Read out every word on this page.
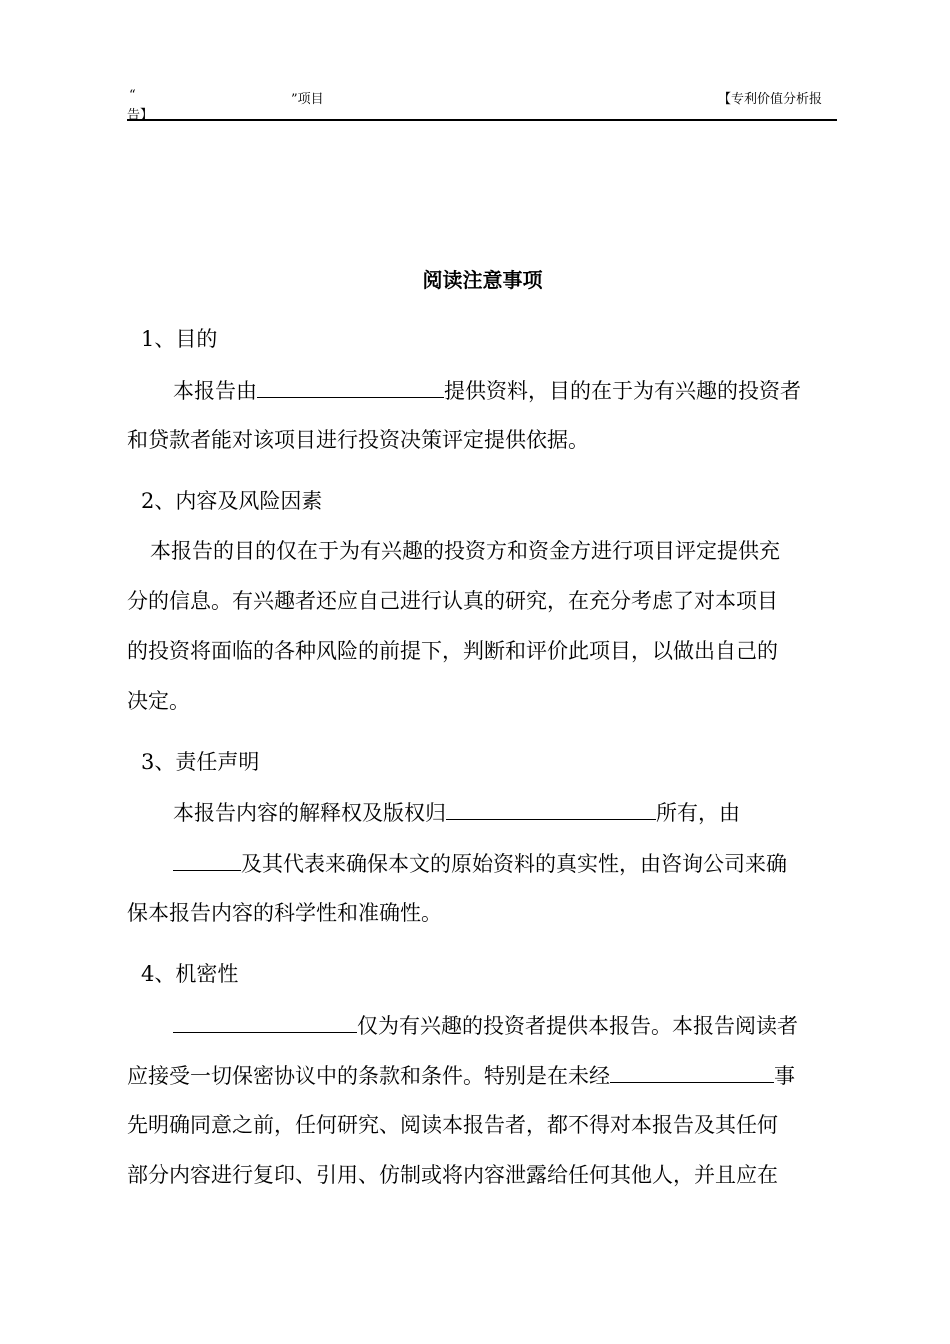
“	”项目	【专利价值分析报
告】
阅读注意事项
1、目的
本报告由	提供资料，目的在于为有兴趣的投资者
和贷款者能对该项目进行投资决策评定提供依据。
2、内容及风险因素
本报告的目的仅在于为有兴趣的投资方和资金方进行项目评定提供充
分的信息。有兴趣者还应自己进行认真的研究，在充分考虑了对本项目
的投资将面临的各种风险的前提下，判断和评价此项目，以做出自己的
决定。
3、责任声明
本报告内容的解释权及版权归	所有，由
及其代表来确保本文的原始资料的真实性，由咨询公司来确
保本报告内容的科学性和准确性。
4、机密性
仅为有兴趣的投资者提供本报告。本报告阅读者
应接受一切保密协议中的条款和条件。特别是在未经	事
先明确同意之前，任何研究、阅读本报告者，都不得对本报告及其任何
部分内容进行复印、引用、仿制或将内容泄露给任何其他人，并且应在
